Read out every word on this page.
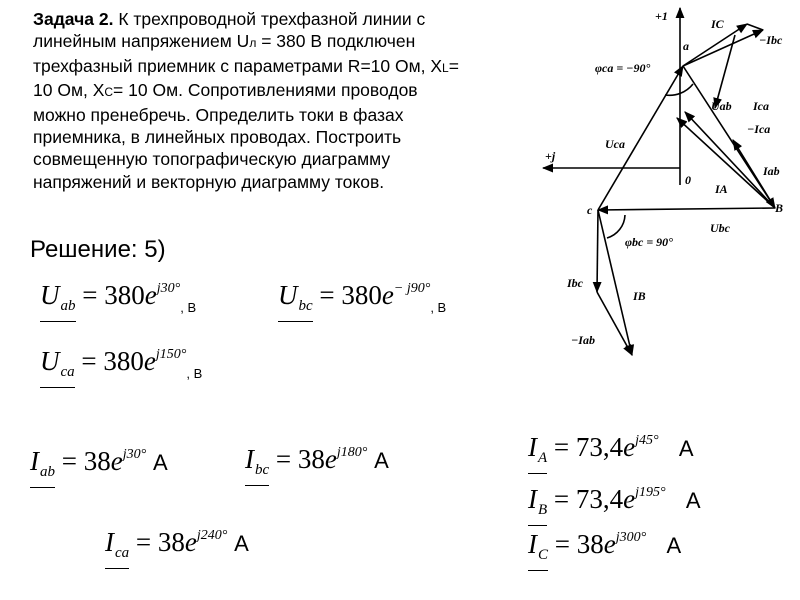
Задача 2. К трехпроводной трехфазной линии с линейным напряжением Uл = 380 В подключен трехфазный приемник с параметрами R=10 Ом, XL= 10 Ом, XC= 10 Ом. Сопротивлениями проводов можно пренебречь. Определить токи в фазах приемника, в линейных проводах. Построить совмещенную топографическую диаграмму напряжений и векторную диаграмму токов.
Решение: 5)
$U_{ab} = 380e^{j30^\circ}_{, В}$	$U_{bc} = 380e^{- j90^\circ}_{, В}$
$U_{ca} = 380e^{j150^\circ}_{, В}$
$I_{ab} = 38e^{j30^\circ}$ А	$I_{bc} = 38e^{j180^\circ}$ А
$I_{ca} = 38e^{j240^\circ}$ А
$I_A = 73,4e^{j45^\circ}$ А
$I_B = 73,4e^{j195^\circ}$ А
$I_C = 38e^{j300^\circ}$ А
+1
+j
0
a
B
c
φca = −90°
φbc = 90°
IC
−Ibc
Uab Ica
−Ica
Uca
Iab
IA
Ubc
Ibc
IB
−Iab
